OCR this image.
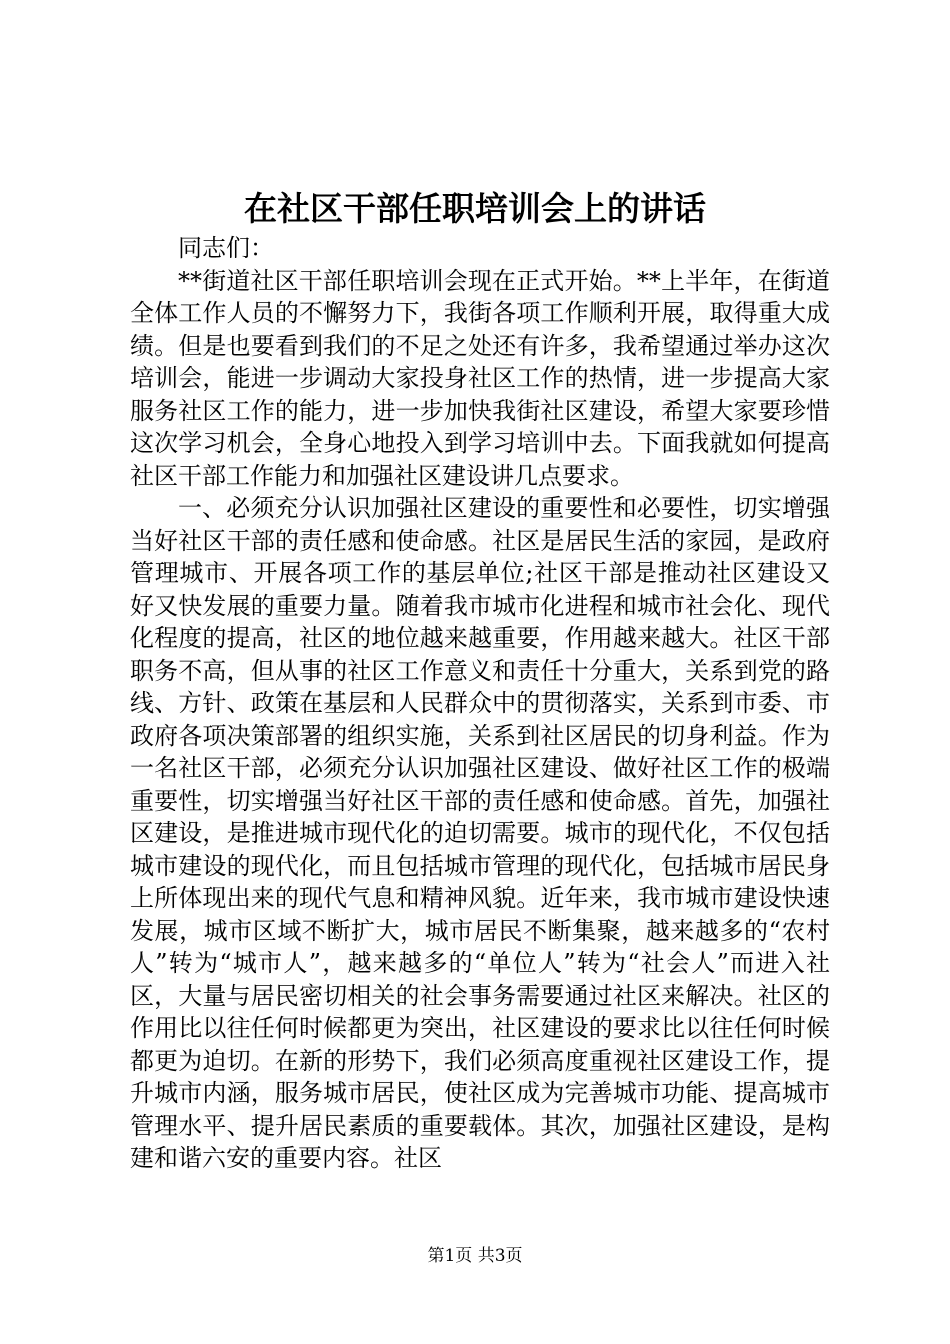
在社区干部任职培训会上的讲话

同志们：

**街道社区干部任职培训会现在正式开始。**上半年，在街道全体工作人员的不懈努力下，我街各项工作顺利开展，取得重大成绩。但是也要看到我们的不足之处还有许多，我希望通过举办这次培训会，能进一步调动大家投身社区工作的热情，进一步提高大家服务社区工作的能力，进一步加快我街社区建设，希望大家要珍惜这次学习机会，全身心地投入到学习培训中去。下面我就如何提高社区干部工作能力和加强社区建设讲几点要求。

一、必须充分认识加强社区建设的重要性和必要性，切实增强当好社区干部的责任感和使命感。社区是居民生活的家园，是政府管理城市、开展各项工作的基层单位;社区干部是推动社区建设又好又快发展的重要力量。随着我市城市化进程和城市社会化、现代化程度的提高，社区的地位越来越重要，作用越来越大。社区干部职务不高，但从事的社区工作意义和责任十分重大，关系到党的路线、方针、政策在基层和人民群众中的贯彻落实，关系到市委、市政府各项决策部署的组织实施，关系到社区居民的切身利益。作为一名社区干部，必须充分认识加强社区建设、做好社区工作的极端重要性，切实增强当好社区干部的责任感和使命感。首先，加强社区建设，是推进城市现代化的迫切需要。城市的现代化，不仅包括城市建设的现代化，而且包括城市管理的现代化，包括城市居民身上所体现出来的现代气息和精神风貌。近年来，我市城市建设快速发展，城市区域不断扩大，城市居民不断集聚，越来越多的“农村人”转为“城市人”，越来越多的“单位人”转为“社会人”而进入社区，大量与居民密切相关的社会事务需要通过社区来解决。社区的作用比以往任何时候都更为突出，社区建设的要求比以往任何时候都更为迫切。在新的形势下，我们必须高度重视社区建设工作，提升城市内涵，服务城市居民，使社区成为完善城市功能、提高城市管理水平、提升居民素质的重要载体。其次，加强社区建设，是构建和谐六安的重要内容。社区

第1页 共3页
